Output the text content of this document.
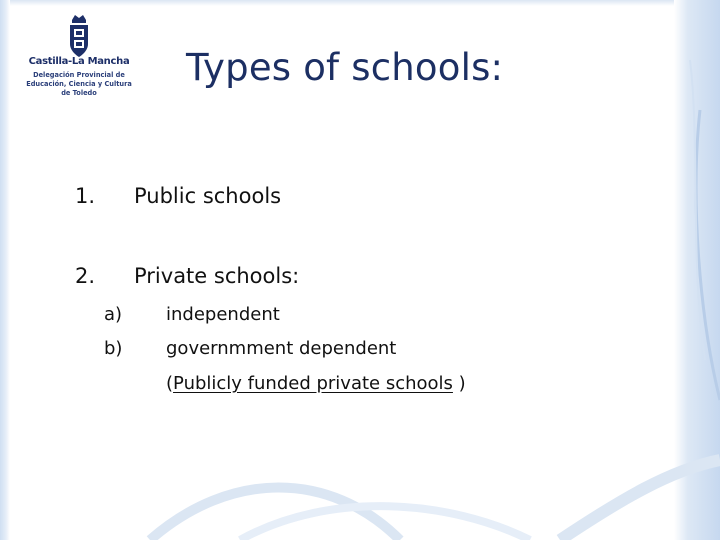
Castilla-La Mancha
Delegación Provincial de
Educación, Ciencia y Cultura
de Toledo
Types of schools:
1. Public schools
2. Private schools:
a) independent
b) governmment dependent
(Publicly funded private schools )
